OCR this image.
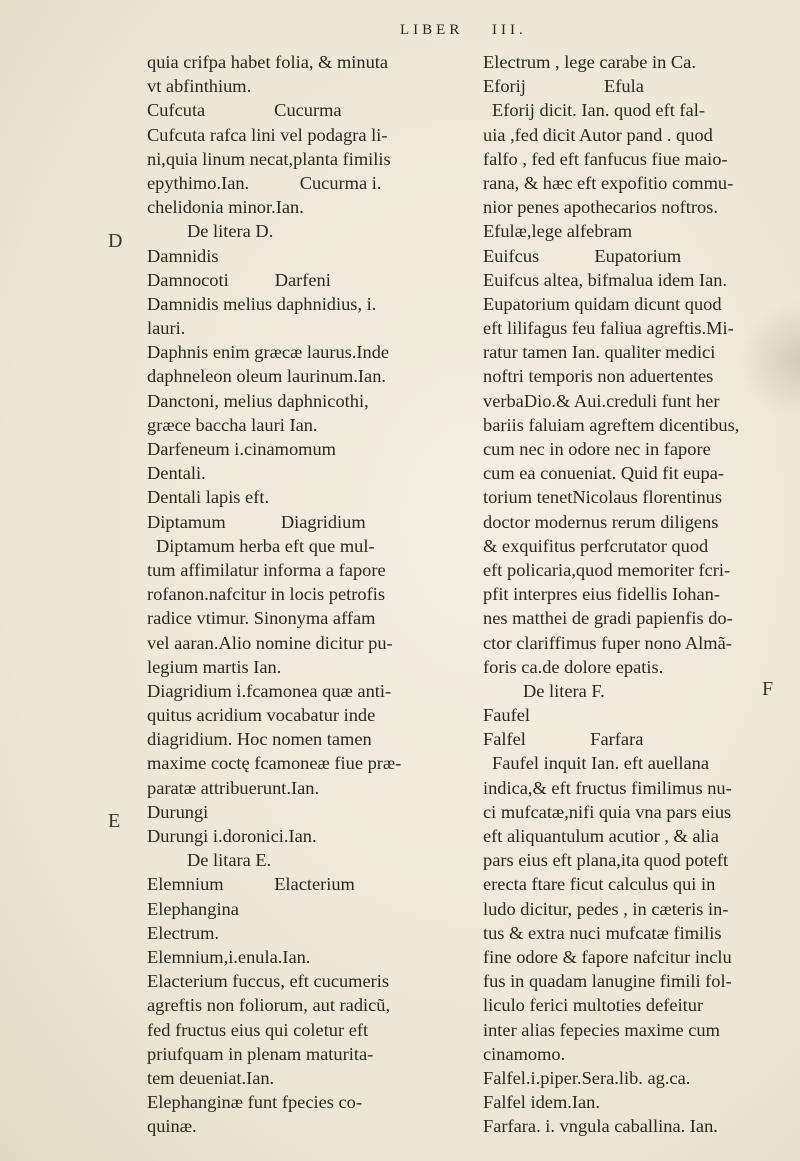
LIBER III.
D
E
F
quia crifpa habet folia, & minuta
vt abfinthium.
Cufcuta               Cucurma
Cufcuta rafca lini vel podagra li-
ni,quia linum necat,planta fimilis
epythimo.Ian.           Cucurma i.
chelidonia minor.Ian.
De litera D.
Damnidis
Damnocoti          Darfeni
Damnidis melius daphnidius, i.
lauri.
Daphnis enim græcæ laurus.Inde
daphneleon oleum laurinum.Ian.
Danctoni, melius daphnicothi,
græce baccha lauri Ian.
Darfeneum i.cinamomum
Dentali.
Dentali lapis eft.
Diptamum            Diagridium
Diptamum herba eft que mul-
tum affimilatur informa a fapore
rofanon.nafcitur in locis petrofis
radice vtimur. Sinonyma affam
vel aaran.Alio nomine dicitur pu-
legium martis Ian.
Diagridium i.fcamonea quæ anti-
quitus acridium vocabatur inde
diagridium. Hoc nomen tamen
maxime coctę fcamoneæ fiue præ-
paratæ attribuerunt.Ian.
Durungi
Durungi i.doronici.Ian.
De litara E.
Elemnium           Elacterium
Elephangina
Electrum.
Elemnium,i.enula.Ian.
Elacterium fuccus, eft cucumeris
agreftis non foliorum, aut radicũ,
fed fructus eius qui coletur eft
priufquam in plenam maturita-
tem deueniat.Ian.
Elephanginæ funt fpecies co-
quinæ.
Electrum , lege carabe in Ca.
Eforij                 Efula
Eforij dicit. Ian. quod eft fal-
uia ,fed dicit Autor pand . quod
falfo , fed eft fanfucus fiue maio-
rana, & hæc eft expofitio commu-
nior penes apothecarios noftros.
Efulæ,lege alfebram
Euifcus            Eupatorium
Euifcus altea, bifmalua idem Ian.
Eupatorium quidam dicunt quod
eft lilifagus feu faliua agreftis.Mi-
ratur tamen Ian. qualiter medici
noftri temporis non aduertentes
verbaDio.& Aui.creduli funt her
bariis faluiam agreftem dicentibus,
cum nec in odore nec in fapore
cum ea conueniat. Quid fit eupa-
torium tenetNicolaus florentinus
doctor modernus rerum diligens
& exquifitus perfcrutator quod
eft policaria,quod memoriter fcri-
pfit interpres eius fidellis Iohan-
nes matthei de gradi papienfis do-
ctor clariffimus fuper nono Almã-
foris ca.de dolore epatis.
De litera F.
Faufel
Falfel              Farfara
Faufel inquit Ian. eft auellana
indica,& eft fructus fimilimus nu-
ci mufcatæ,nifi quia vna pars eius
eft aliquantulum acutior , & alia
pars eius eft plana,ita quod poteft
erecta ftare ficut calculus qui in
ludo dicitur, pedes , in cæteris in-
tus & extra nuci mufcatæ fimilis
fine odore & fapore nafcitur inclu
fus in quadam lanugine fimili fol-
liculo ferici multoties defeitur
inter alias fepecies maxime cum
cinamomo.
Falfel.i.piper.Sera.lib. ag.ca.
Falfel idem.Ian.
Farfara. i. vngula caballina. Ian.
